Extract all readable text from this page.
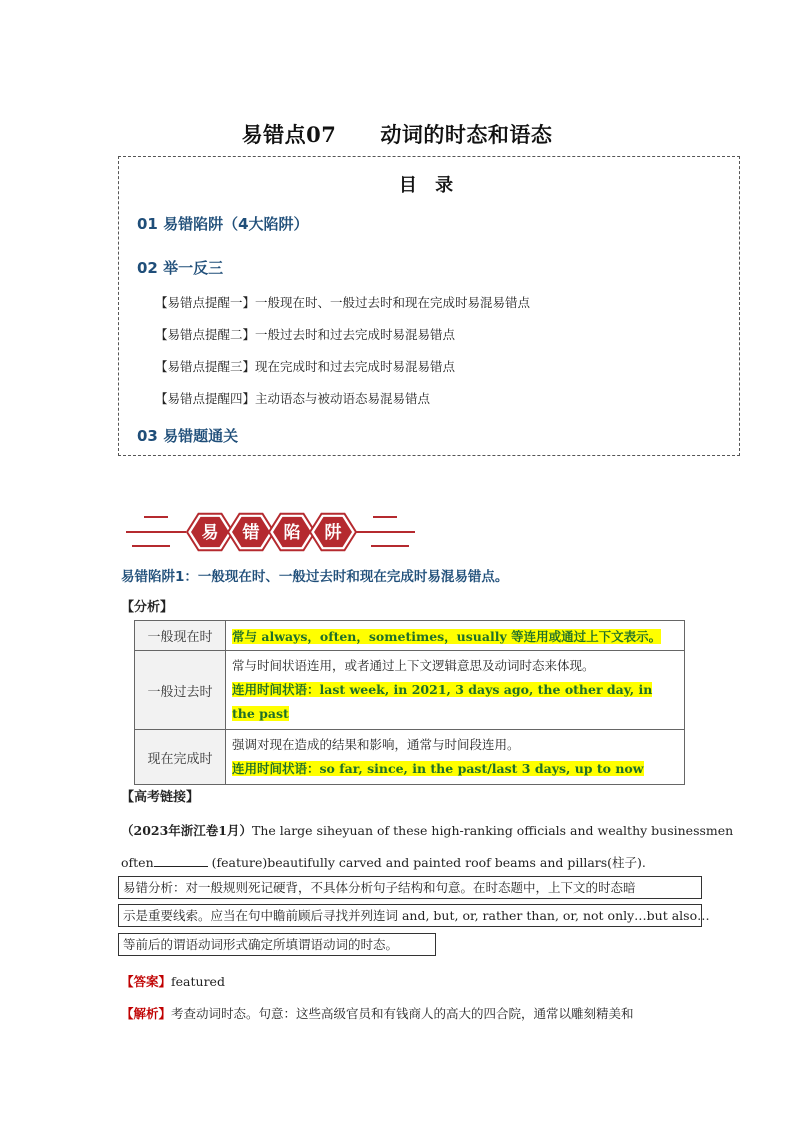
易错点07 动词的时态和语态
目 录
01 易错陷阱（4大陷阱）
02 举一反三
【易错点提醒一】一般现在时、一般过去时和现在完成时易混易错点
【易错点提醒二】一般过去时和过去完成时易混易错点
【易错点提醒三】现在完成时和过去完成时易混易错点
【易错点提醒四】主动语态与被动语态易混易错点
03 易错题通关
易 错 陷 阱
易错陷阱1：一般现在时、一般过去时和现在完成时易混易错点。
【分析】
一般现在时	常与 always，often，sometimes，usually 等连用或通过上下文表示。
一般过去时	常与时间状语连用，或者通过上下文逻辑意思及动词时态来体现。
连用时间状语：last week, in 2021, 3 days ago, the other day, in the past

现在完成时	强调对现在造成的结果和影响，通常与时间段连用。
连用时间状语：so far, since, in the past/last 3 days, up to now
【高考链接】
（2023年浙江卷1月）The large siheyuan of these high-ranking officials and wealthy businessmen
often	(feature)beautifully carved and painted roof beams and pillars(柱子).
易错分析：对一般规则死记硬背，不具体分析句子结构和句意。在时态题中，上下文的时态暗
示是重要线索。应当在句中瞻前顾后寻找并列连词 and, but, or, rather than, or, not only…but also…
等前后的谓语动词形式确定所填谓语动词的时态。
【答案】featured
【解析】考查动词时态。句意：这些高级官员和有钱商人的高大的四合院，通常以雕刻精美和
